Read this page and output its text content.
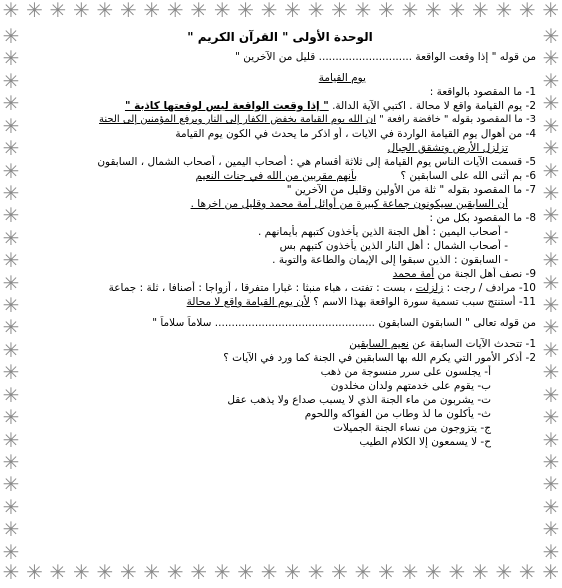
✳ ✳ ✳ ✳ ✳ ✳ ✳ ✳ ✳ ✳ ✳ ✳ ✳ ✳ ✳ ✳ ✳ ✳ ✳ ✳ ✳ ✳ ✳ ✳
✳ ✳ ✳ ✳ ✳ ✳ ✳ ✳ ✳ ✳ ✳ ✳ ✳ ✳ ✳ ✳ ✳ ✳ ✳ ✳ ✳ ✳ ✳ ✳
✳
✳
✳
✳
✳
✳
✳
✳
✳
✳
✳
✳
✳
✳
✳
✳
✳
✳
✳
✳
✳
✳
✳
✳
✳
✳
✳
✳
✳
✳
✳
✳
✳
✳
✳
✳
✳
✳
✳
✳
✳
✳
✳
✳
✳
✳
✳
✳
الوحدة الأولى " القرآن الكريم "
من قوله " إذا وقعت الواقعة ............................ قليل من الآخرين "
يوم القيامة
1- ما المقصود بالواقعة :
2- يوم القيامة واقع لا محالة . اكتبي الآية الدالة. " إذا وقعت الواقعة ليس لوقعتها كاذبة "
3- ما المقصود بقوله " خافضة رافعة " ان الله يوم القيامة يخفض الكفار إلى النار ويرفع المؤمنين إلى الجنة
4- من أهوال يوم القيامة الواردة في الايات ، أو اذكر ما يحدث في الكون يوم القيامة
تزلزل الأرض وتشقق الجبال
5- قسمت الآيات الناس يوم القيامة إلى ثلاثة أقسام هي : أصحاب اليمين ، أصحاب الشمال ، السابقون
6- بم أثنى الله على السابقين ؟ بأنهم مقربين من الله في جنات النعيم
7- ما المقصود بقوله " ثلة من الأولين وقليل من الآخرين "
أن السابقين سيكونون جماعة كبيرة من أوائل أمة محمد وقليل من اخرها .
8- ما المقصود بكل من :
- أصحاب اليمين : أهل الجنة الذين يأخذون كتبهم بأيمانهم .
- أصحاب الشمال : أهل النار الذين يأخذون كتبهم بس
- السابقون : الذين سبقوا إلى الإيمان والطاعة والتوبة .
9- نصف أهل الجنة من أمة محمد
10- مرادف / رجت : زلزلت ، بست : تفتت ، هباء منبثا : غبارا متفرقا ، أزواجا : أصنافا ، ثلة : جماعة
11- أستنتج سبب تسمية سورة الواقعة بهذا الاسم ؟ لأن يوم القيامة واقع لا محالة
من قوله تعالى " السابقون السابقون ................................................ سلاماً سلاماً "
1- تتحدث الآيات السابقة عن نعيم السابقين
2- أذكر الأمور التي يكرم الله بها السابقين في الجنة كما ورد في الآيات ؟
أ- يجلسون على سرر منسوجة من ذهب
ب- يقوم على خدمتهم ولدان مخلدون
ت- يشربون من ماء الجنة الذي لا يسبب صداع ولا يذهب عقل
ث- يأكلون ما لذ وطاب من الفواكه واللحوم
ج- يتزوجون من نساء الجنة الجميلات
ح- لا يسمعون إلا الكلام الطيب
